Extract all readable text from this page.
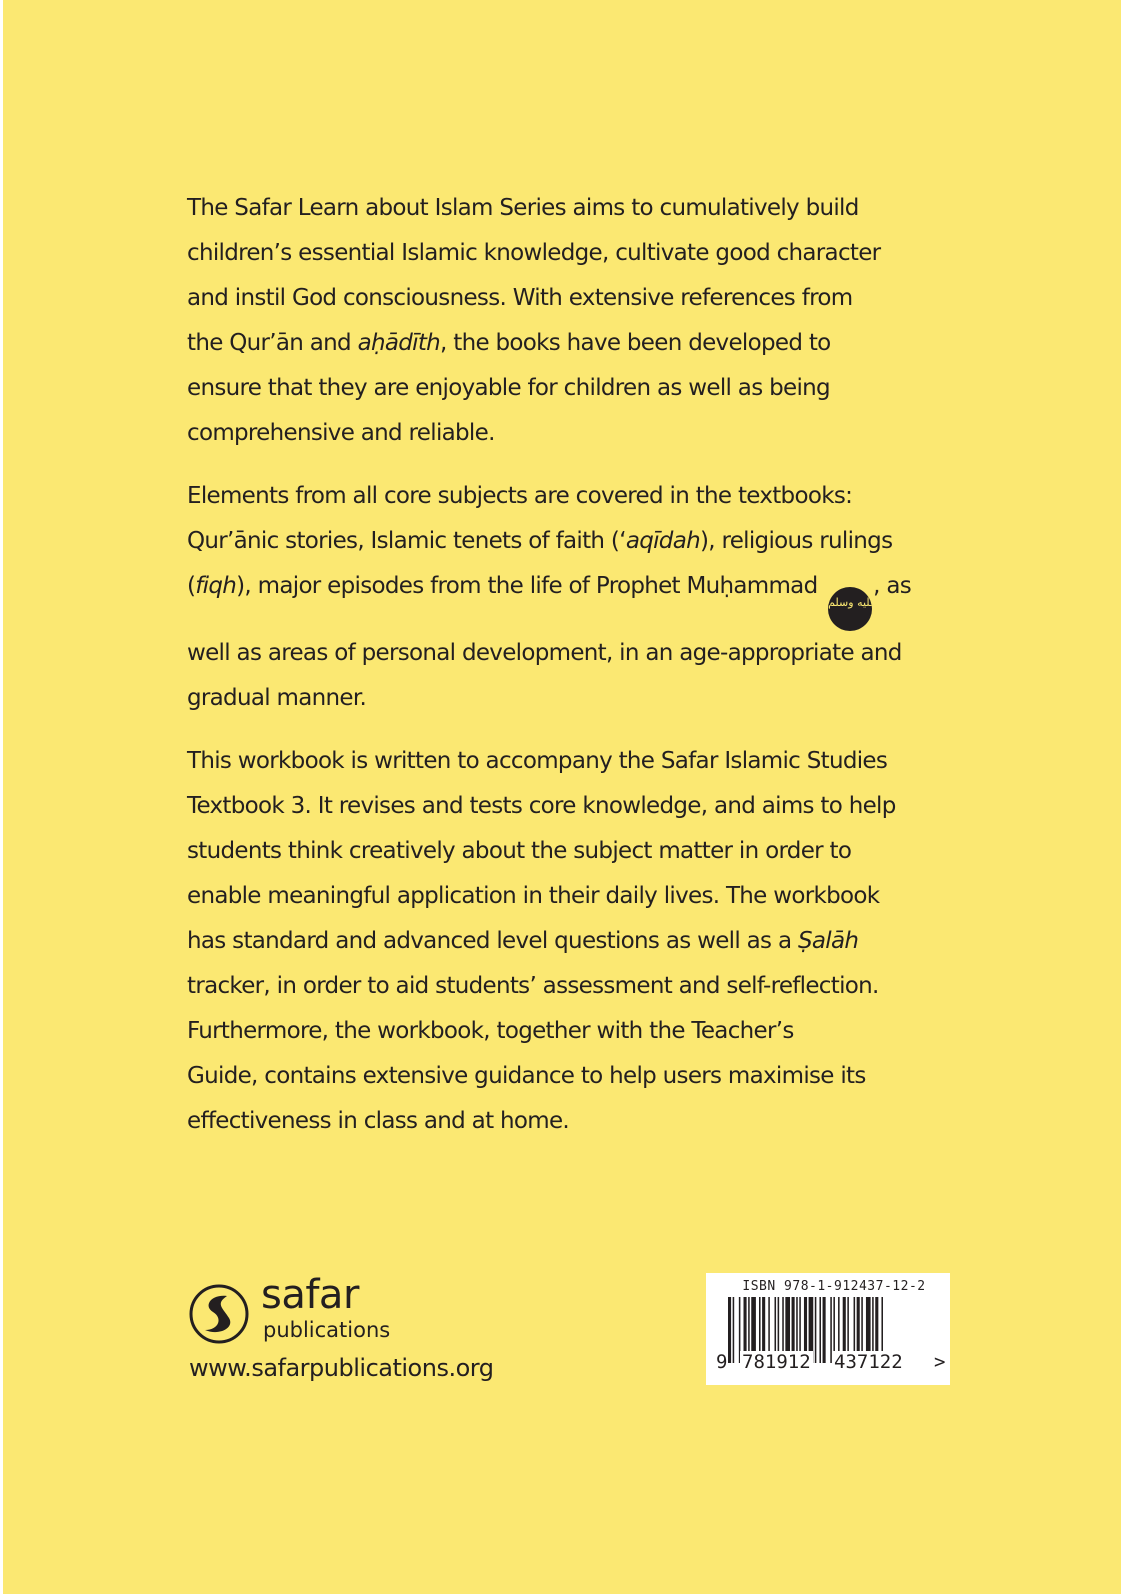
The Safar Learn about Islam Series aims to cumulatively build
children’s essential Islamic knowledge, cultivate good character
and instil God consciousness. With extensive references from
the Qur’ān and aḥādīth, the books have been developed to
ensure that they are enjoyable for children as well as being
comprehensive and reliable.
Elements from all core subjects are covered in the textbooks:
Qur’ānic stories, Islamic tenets of faith (‘aqīdah), religious rulings
(fiqh), major episodes from the life of Prophet Muḥammad صلى الله عليه وسلم, as
well as areas of personal development, in an age-appropriate and
gradual manner.
This workbook is written to accompany the Safar Islamic Studies
Textbook 3. It revises and tests core knowledge, and aims to help
students think creatively about the subject matter in order to
enable meaningful application in their daily lives. The workbook
has standard and advanced level questions as well as a Ṣalāh
tracker, in order to aid students’ assessment and self-reflection.
Furthermore, the workbook, together with the Teacher’s
Guide, contains extensive guidance to help users maximise its
effectiveness in class and at home.
safar
publications
www.safarpublications.org
ISBN 978-1-912437-12-2
9 781912 437122 >
